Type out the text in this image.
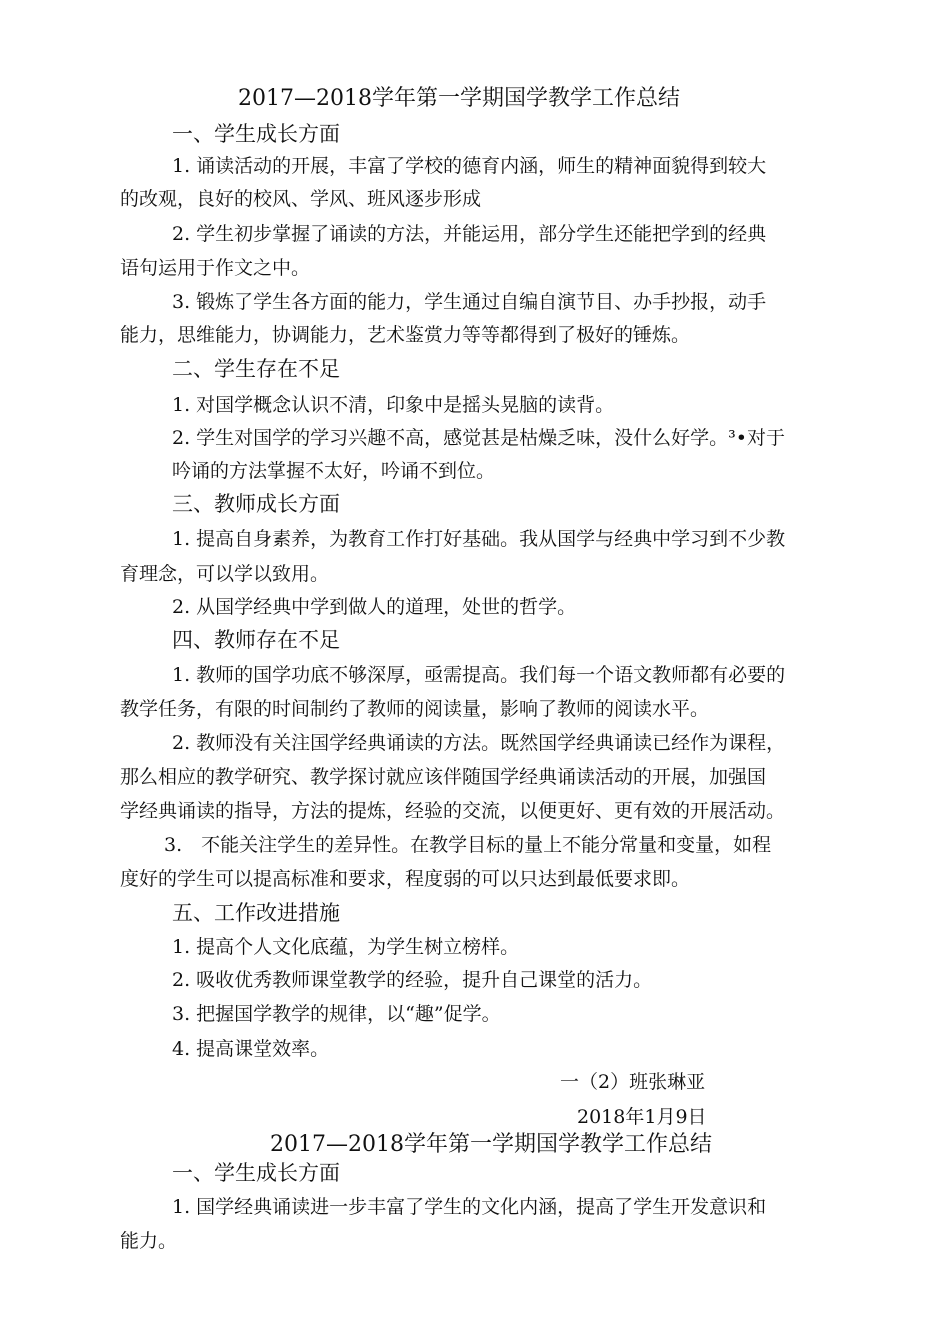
2017—2018学年第一学期国学教学工作总结
一、学生成长方面
1. 诵读活动的开展，丰富了学校的德育内涵，师生的精神面貌得到较大
的改观，良好的校风、学风、班风逐步形成
2. 学生初步掌握了诵读的方法，并能运用，部分学生还能把学到的经典
语句运用于作文之中。
3. 锻炼了学生各方面的能力，学生通过自编自演节目、办手抄报，动手
能力，思维能力，协调能力，艺术鉴赏力等等都得到了极好的锤炼。
二、学生存在不足
1. 对国学概念认识不清，印象中是摇头晃脑的读背。
2. 学生对国学的学习兴趣不高，感觉甚是枯燥乏味，没什么好学。³•对于
吟诵的方法掌握不太好，吟诵不到位。
三、教师成长方面
1. 提高自身素养，为教育工作打好基础。我从国学与经典中学习到不少教
育理念，可以学以致用。
2. 从国学经典中学到做人的道理，处世的哲学。
四、教师存在不足
1. 教师的国学功底不够深厚，亟需提高。我们每一个语文教师都有必要的
教学任务，有限的时间制约了教师的阅读量，影响了教师的阅读水平。
2. 教师没有关注国学经典诵读的方法。既然国学经典诵读已经作为课程，
那么相应的教学研究、教学探讨就应该伴随国学经典诵读活动的开展，加强国
学经典诵读的指导，方法的提炼，经验的交流，以便更好、更有效的开展活动。
3.　不能关注学生的差异性。在教学目标的量上不能分常量和变量，如程
度好的学生可以提高标准和要求，程度弱的可以只达到最低要求即。
五、工作改进措施
1. 提高个人文化底蕴，为学生树立榜样。
2. 吸收优秀教师课堂教学的经验，提升自己课堂的活力。
3. 把握国学教学的规律，以“趣”促学。
4. 提高课堂效率。
一（2）班张琳亚
2018年1月9日
2017—2018学年第一学期国学教学工作总结
一、学生成长方面
1. 国学经典诵读进一步丰富了学生的文化内涵，提高了学生开发意识和
能力。
